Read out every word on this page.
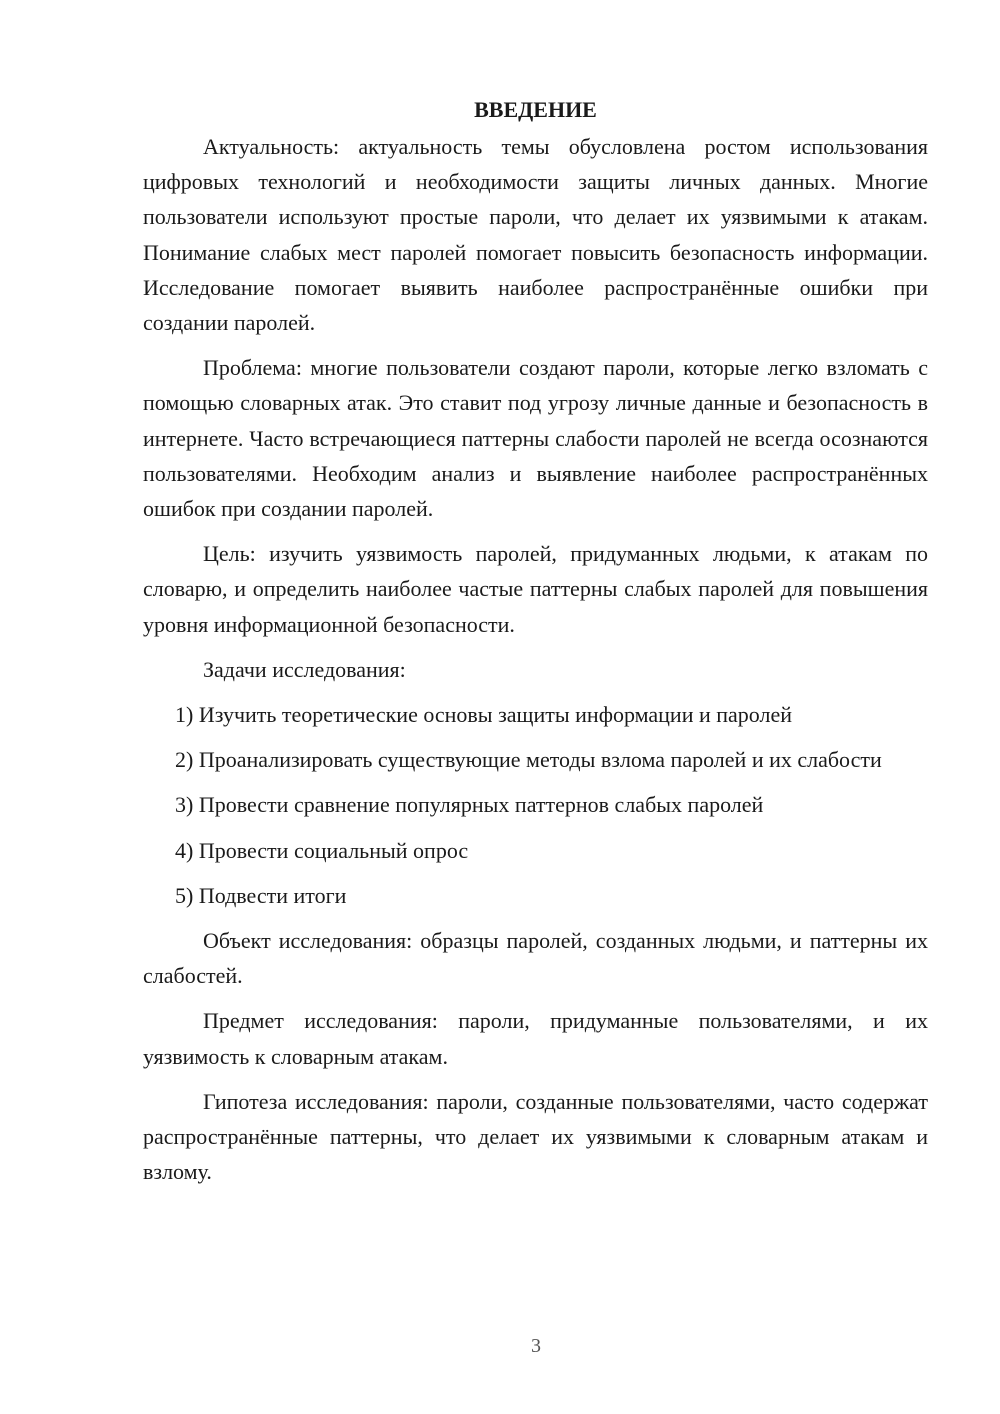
ВВЕДЕНИЕ

Актуальность: актуальность темы обусловлена ростом использования цифровых технологий и необходимости защиты личных данных. Многие пользователи используют простые пароли, что делает их уязвимыми к атакам. Понимание слабых мест паролей помогает повысить безопасность информации. Исследование помогает выявить наиболее распространённые ошибки при создании паролей.

Проблема: многие пользователи создают пароли, которые легко взломать с помощью словарных атак. Это ставит под угрозу личные данные и безопасность в интернете. Часто встречающиеся паттерны слабости паролей не всегда осознаются пользователями. Необходим анализ и выявление наиболее распространённых ошибок при создании паролей.

Цель: изучить уязвимость паролей, придуманных людьми, к атакам по словарю, и определить наиболее частые паттерны слабых паролей для повышения уровня информационной безопасности.

Задачи исследования:

1) Изучить теоретические основы защиты информации и паролей

2) Проанализировать существующие методы взлома паролей и их слабости

3) Провести сравнение популярных паттернов слабых паролей

4) Провести социальный опрос

5) Подвести итоги

Объект исследования: образцы паролей, созданных людьми, и паттерны их слабостей.

Предмет исследования: пароли, придуманные пользователями, и их уязвимость к словарным атакам.

Гипотеза исследования: пароли, созданные пользователями, часто содержат распространённые паттерны, что делает их уязвимыми к словарным атакам и взлому.

3
